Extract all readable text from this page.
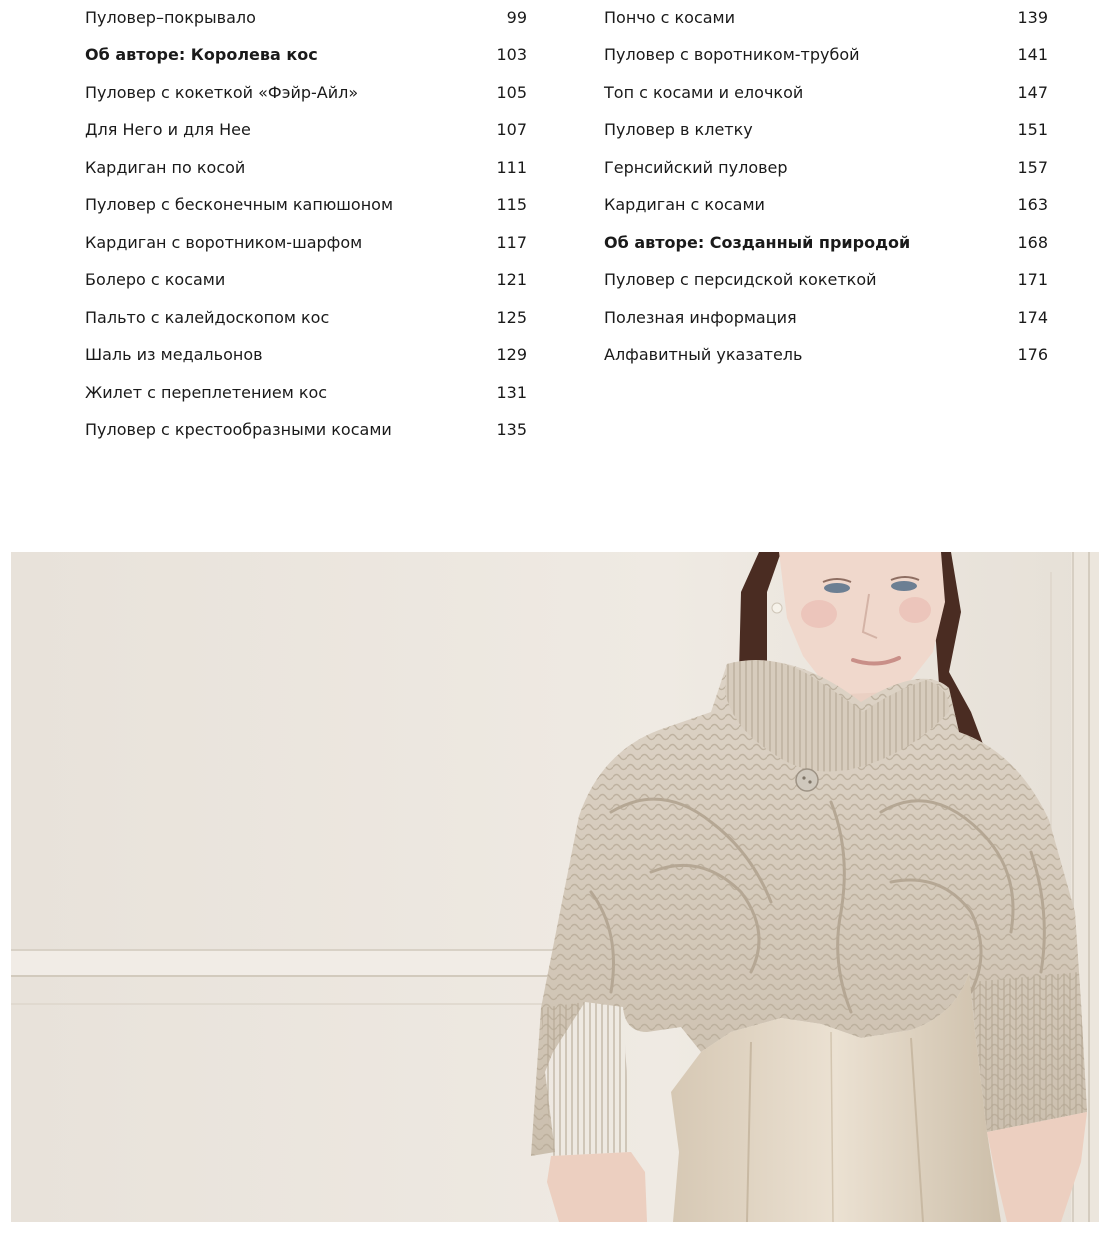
Пуловер–покрывало	99
Об авторе: Королева кос	103
Пуловер с кокеткой «Фэйр-Айл»	105
Для Него и для Нее	107
Кардиган по косой	111
Пуловер с бесконечным капюшоном	115
Кардиган с воротником-шарфом	117
Болеро с косами	121
Пальто с калейдоскопом кос	125
Шаль из медальонов	129
Жилет с переплетением кос	131
Пуловер с крестообразными косами	135
Пончо с косами	139
Пуловер с воротником-трубой	141
Топ с косами и елочкой	147
Пуловер в клетку	151
Гернсийский пуловер	157
Кардиган с косами	163
Об авторе: Созданный природой	168
Пуловер с персидской кокеткой	171
Полезная информация	174
Алфавитный указатель	176
